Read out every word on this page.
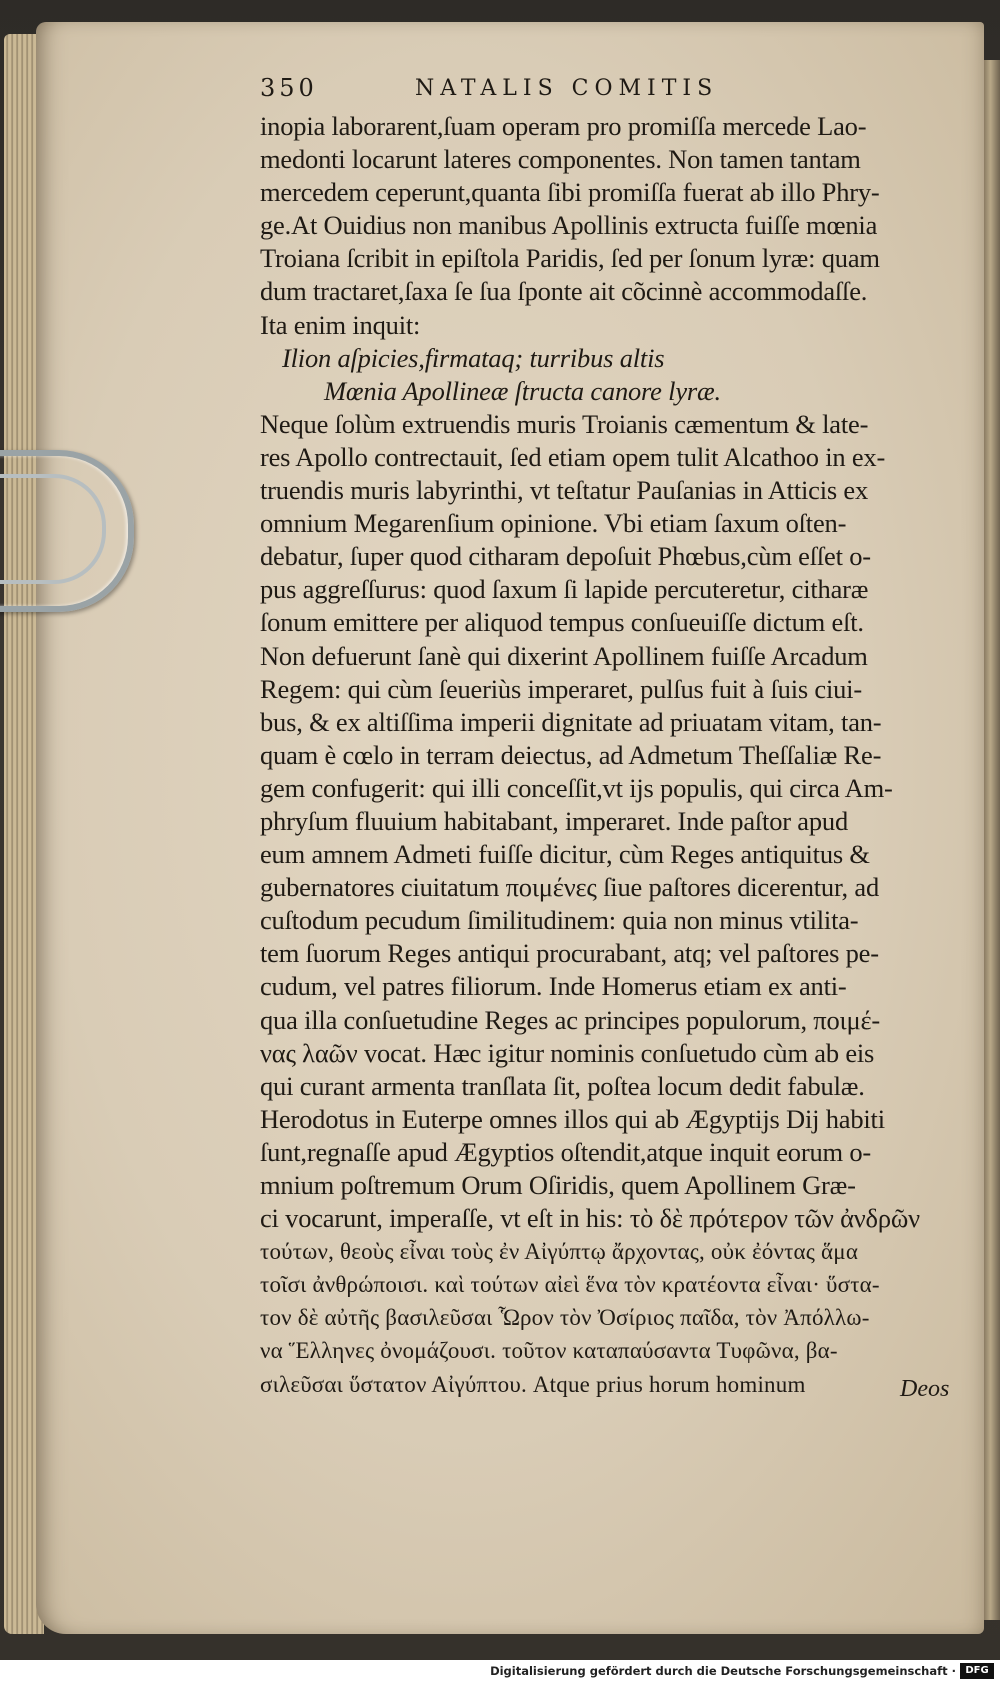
350	NATALIS COMITIS
inopia laborarent,ſuam operam pro promiſſa mercede Lao-
medonti locarunt lateres componentes. Non tamen tantam
mercedem ceperunt,quanta ſibi promiſſa fuerat ab illo Phry-
ge.At Ouidius non manibus Apollinis extructa fuiſſe mœnia
Troiana ſcribit in epiſtola Paridis, ſed per ſonum lyræ: quam
dum tractaret,ſaxa ſe ſua ſponte ait cõcinnè accommodaſſe.
Ita enim inquit:
Ilion aſpicies,firmataq; turribus altis
Mœnia Apollineæ ſtructa canore lyræ.
Neque ſolùm extruendis muris Troianis cæmentum & late-
res Apollo contrectauit, ſed etiam opem tulit Alcathoo in ex-
truendis muris labyrinthi, vt teſtatur Pauſanias in Atticis ex
omnium Megarenſium opinione. Vbi etiam ſaxum oſten-
debatur, ſuper quod citharam depoſuit Phœbus,cùm eſſet o-
pus aggreſſurus: quod ſaxum ſi lapide percuteretur, citharæ
ſonum emittere per aliquod tempus conſueuiſſe dictum eſt.
Non defuerunt ſanè qui dixerint Apollinem fuiſſe Arcadum
Regem: qui cùm ſeueriùs imperaret, pulſus fuit à ſuis ciui-
bus, & ex altiſſima imperii dignitate ad priuatam vitam, tan-
quam è cœlo in terram deiectus, ad Admetum Theſſaliæ Re-
gem confugerit: qui illi conceſſit,vt ijs populis, qui circa Am-
phryſum fluuium habitabant, imperaret. Inde paſtor apud
eum amnem Admeti fuiſſe dicitur, cùm Reges antiquitus &
gubernatores ciuitatum ποιμένες ſiue paſtores dicerentur, ad
cuſtodum pecudum ſimilitudinem: quia non minus vtilita-
tem ſuorum Reges antiqui procurabant, atq; vel paſtores pe-
cudum, vel patres filiorum. Inde Homerus etiam ex anti-
qua illa conſuetudine Reges ac principes populorum, ποιμέ-
νας λαῶν vocat. Hæc igitur nominis conſuetudo cùm ab eis
qui curant armenta tranſlata ſit, poſtea locum dedit fabulæ.
Herodotus in Euterpe omnes illos qui ab Ægyptijs Dij habiti
ſunt,regnaſſe apud Ægyptios oſtendit,atque inquit eorum o-
mnium poſtremum Orum Oſiridis, quem Apollinem Græ-
ci vocarunt, imperaſſe, vt eſt in his: τὸ δὲ πρότερον τῶν ἀνδρῶν
τούτων, θεοὺς εἶναι τοὺς ἐν Αἰγύπτῳ ἄρχοντας, οὐκ ἐόντας ἅμα
τοῖσι ἀνθρώποισι. καὶ τούτων αἰεὶ ἕνα τὸν κρατέοντα εἶναι· ὕστα-
τον δὲ αὐτῆς βασιλεῦσαι Ὧρον τὸν Ὀσίριος παῖδα, τὸν Ἀπόλλω-
να Ἕλληνες ὀνομάζουσι. τοῦτον καταπαύσαντα Τυφῶνα, βα-
σιλεῦσαι ὕστατον Αἰγύπτου. Atque prius horum hominum	Deos
Digitalisierung gefördert durch die Deutsche Forschungsgemeinschaft · DFG
